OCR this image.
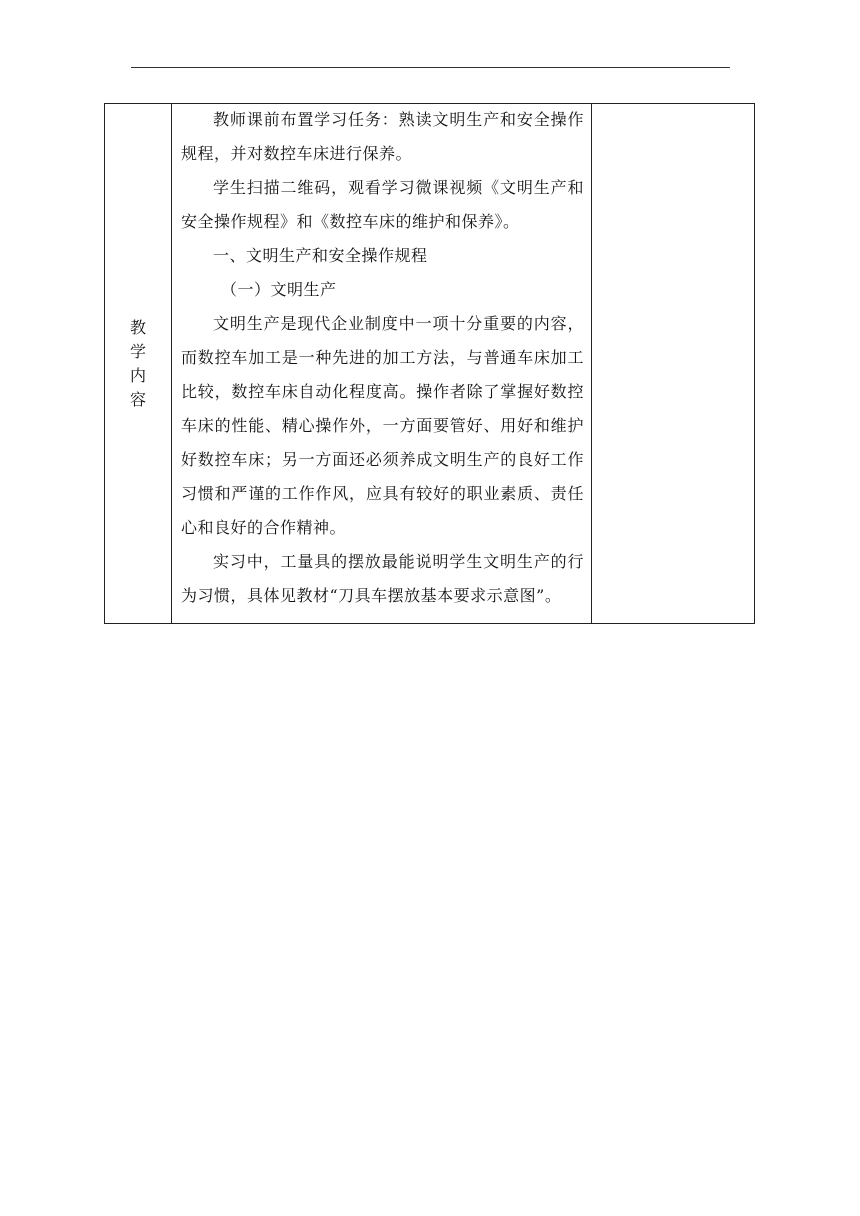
教学内容

教师课前布置学习任务：熟读文明生产和安全操作规程，并对数控车床进行保养。

学生扫描二维码，观看学习微课视频《文明生产和安全操作规程》和《数控车床的维护和保养》。

一、文明生产和安全操作规程

（一）文明生产

文明生产是现代企业制度中一项十分重要的内容，而数控车加工是一种先进的加工方法，与普通车床加工比较，数控车床自动化程度高。操作者除了掌握好数控车床的性能、精心操作外，一方面要管好、用好和维护好数控车床；另一方面还必须养成文明生产的良好工作习惯和严谨的工作作风，应具有较好的职业素质、责任心和良好的合作精神。

实习中，工量具的摆放最能说明学生文明生产的行为习惯，具体见教材“刀具车摆放基本要求示意图”。
